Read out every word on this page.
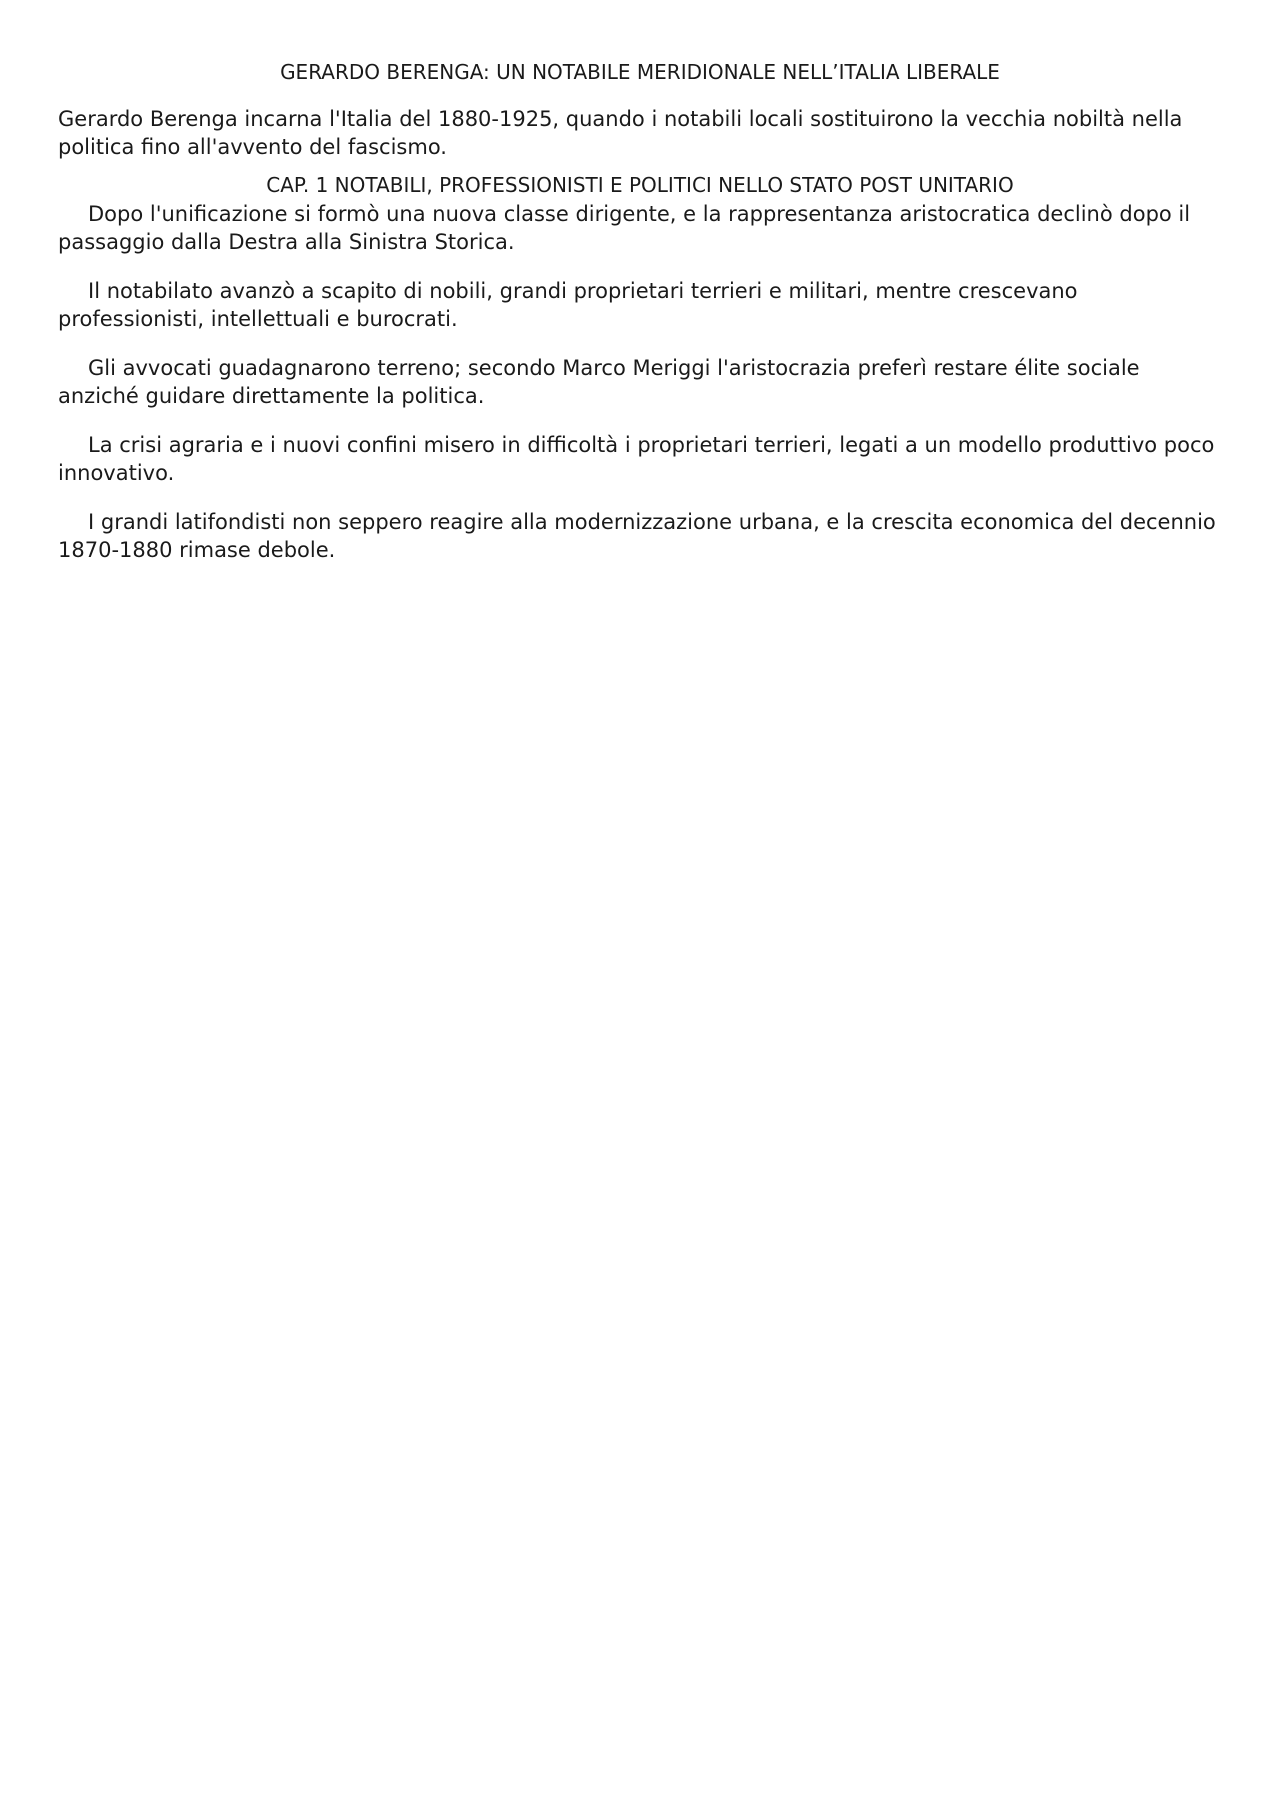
GERARDO BERENGA: UN NOTABILE MERIDIONALE NELL’ITALIA LIBERALE

Gerardo Berenga incarna l'Italia del 1880-1925, quando i notabili locali sostituirono la vecchia nobiltà nella politica fino all'avvento del fascismo.

CAP. 1 NOTABILI, PROFESSIONISTI E POLITICI NELLO STATO POST UNITARIO

Dopo l'unificazione si formò una nuova classe dirigente, e la rappresentanza aristocratica declinò dopo il passaggio dalla Destra alla Sinistra Storica.

Il notabilato avanzò a scapito di nobili, grandi proprietari terrieri e militari, mentre crescevano professionisti, intellettuali e burocrati.

Gli avvocati guadagnarono terreno; secondo Marco Meriggi l'aristocrazia preferì restare élite sociale anziché guidare direttamente la politica.

La crisi agraria e i nuovi confini misero in difficoltà i proprietari terrieri, legati a un modello produttivo poco innovativo.

I grandi latifondisti non seppero reagire alla modernizzazione urbana, e la crescita economica del decennio 1870-1880 rimase debole.
